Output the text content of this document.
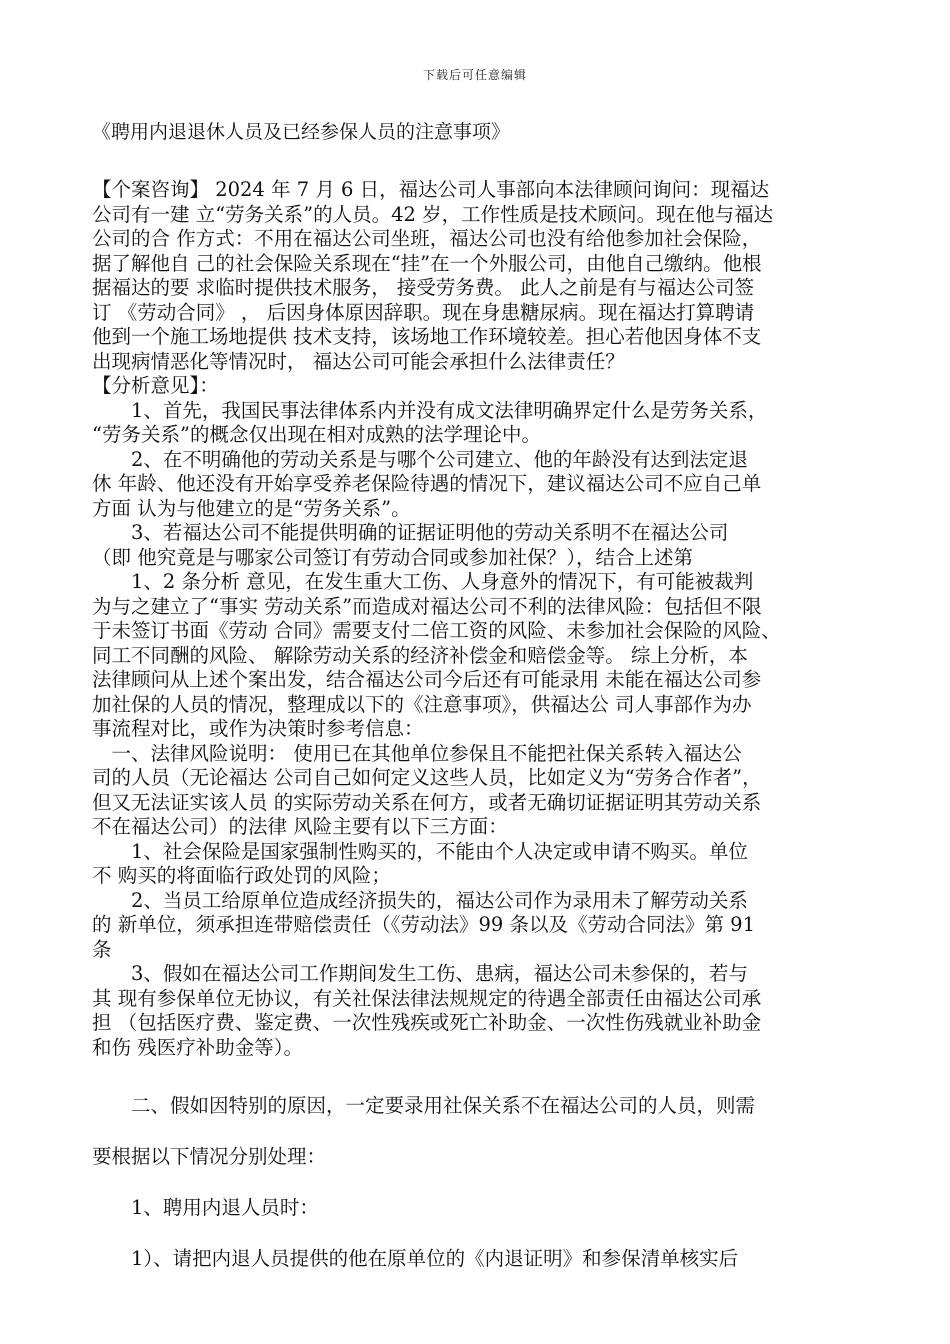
下载后可任意编辑
《聘用内退退休人员及已经参保人员的注意事项》

【个案咨询】 2024 年 7 月 6 日，福达公司人事部向本法律顾问询问：现福达

公司有一建 立“劳务关系”的人员。42 岁，工作性质是技术顾问。现在他与福达

公司的合 作方式：不用在福达公司坐班，福达公司也没有给他参加社会保险，

据了解他自 己的社会保险关系现在“挂”在一个外服公司，由他自己缴纳。他根

据福达的要 求临时提供技术服务， 接受劳务费。 此人之前是有与福达公司签

订 《劳动合同》 ， 后因身体原因辞职。现在身患糖尿病。现在福达打算聘请

他到一个施工场地提供 技术支持，该场地工作环境较差。担心若他因身体不支

出现病情恶化等情况时， 福达公司可能会承担什么法律责任？

【分析意见】：

　　1、首先，我国民事法律体系内并没有成文法律明确界定什么是劳务关系，

“劳务关系”的概念仅出现在相对成熟的法学理论中。

　　2、在不明确他的劳动关系是与哪个公司建立、他的年龄没有达到法定退

休 年龄、他还没有开始享受养老保险待遇的情况下，建议福达公司不应自己单

方面 认为与他建立的是“劳务关系”。

　　3、若福达公司不能提供明确的证据证明他的劳动关系明不在福达公司

（即 他究竟是与哪家公司签订有劳动合同或参加社保？），结合上述第

　　1、2 条分析 意见，在发生重大工伤、人身意外的情况下，有可能被裁判

为与之建立了“事实 劳动关系”而造成对福达公司不利的法律风险：包括但不限

于未签订书面《劳动 合同》需要支付二倍工资的风险、未参加社会保险的风险、

同工不同酬的风险、 解除劳动关系的经济补偿金和赔偿金等。 综上分析，本

法律顾问从上述个案出发，结合福达公司今后还有可能录用 未能在福达公司参

加社保的人员的情况，整理成以下的《注意事项》，供福达公 司人事部作为办

事流程对比，或作为决策时参考信息：

　一、法律风险说明： 使用已在其他单位参保且不能把社保关系转入福达公

司的人员（无论福达 公司自己如何定义这些人员，比如定义为“劳务合作者”，

但又无法证实该人员 的实际劳动关系在何方，或者无确切证据证明其劳动关系

不在福达公司）的法律 风险主要有以下三方面：

　　1、社会保险是国家强制性购买的，不能由个人决定或申请不购买。单位

不 购买的将面临行政处罚的风险；

　　2、当员工给原单位造成经济损失的，福达公司作为录用未了解劳动关系

的 新单位，须承担连带赔偿责任（《劳动法》99 条以及《劳动合同法》第 91

条

　　3、假如在福达公司工作期间发生工伤、患病，福达公司未参保的，若与

其 现有参保单位无协议，有关社保法律法规规定的待遇全部责任由福达公司承

担 （包括医疗费、鉴定费、一次性残疾或死亡补助金、一次性伤残就业补助金

和伤 残医疗补助金等）。

　　二、假如因特别的原因，一定要录用社保关系不在福达公司的人员，则需

要根据以下情况分别处理：

　　1、聘用内退人员时：

　　1）、请把内退人员提供的他在原单位的《内退证明》和参保清单核实后
